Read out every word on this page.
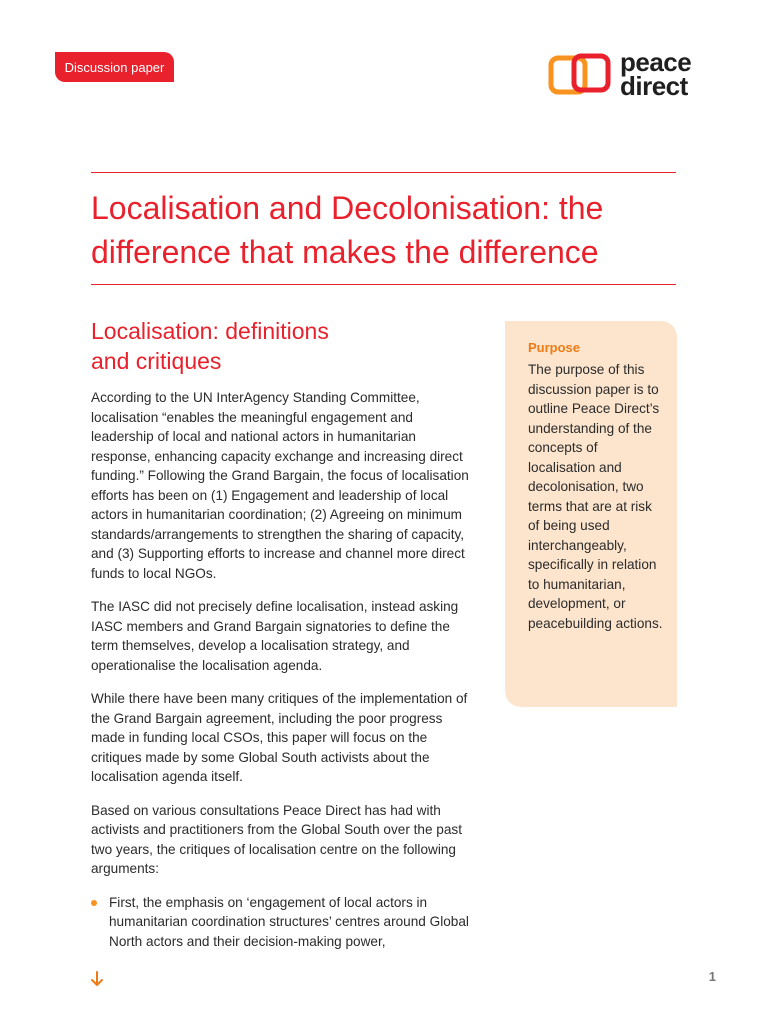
Discussion paper	peace
direct
Localisation and Decolonisation: the difference that makes the difference
Localisation: definitions
and critiques

According to the UN InterAgency Standing Committee, localisation “enables the meaningful engagement and leadership of local and national actors in humanitarian response, enhancing capacity exchange and increasing direct funding.” Following the Grand Bargain, the focus of localisation efforts has been on (1) Engagement and leadership of local actors in humanitarian coordination; (2) Agreeing on minimum standards/arrangements to strengthen the sharing of capacity, and (3) Supporting efforts to increase and channel more direct funds to local NGOs.

The IASC did not precisely define localisation, instead asking IASC members and Grand Bargain signatories to define the term themselves, develop a localisation strategy, and operationalise the localisation agenda.

While there have been many critiques of the implementation of the Grand Bargain agreement, including the poor progress made in funding local CSOs, this paper will focus on the critiques made by some Global South activists about the localisation agenda itself.

Based on various consultations Peace Direct has had with activists and practitioners from the Global South over the past two years, the critiques of localisation centre on the following arguments:

First, the emphasis on ‘engagement of local actors in humanitarian coordination structures’ centres around Global North actors and their decision-making power,
Purpose
The purpose of this discussion paper is to outline Peace Direct’s understanding of the concepts of localisation and decolonisation, two terms that are at risk of being used interchangeably, specifically in relation to humanitarian, development, or peacebuilding actions.
1
